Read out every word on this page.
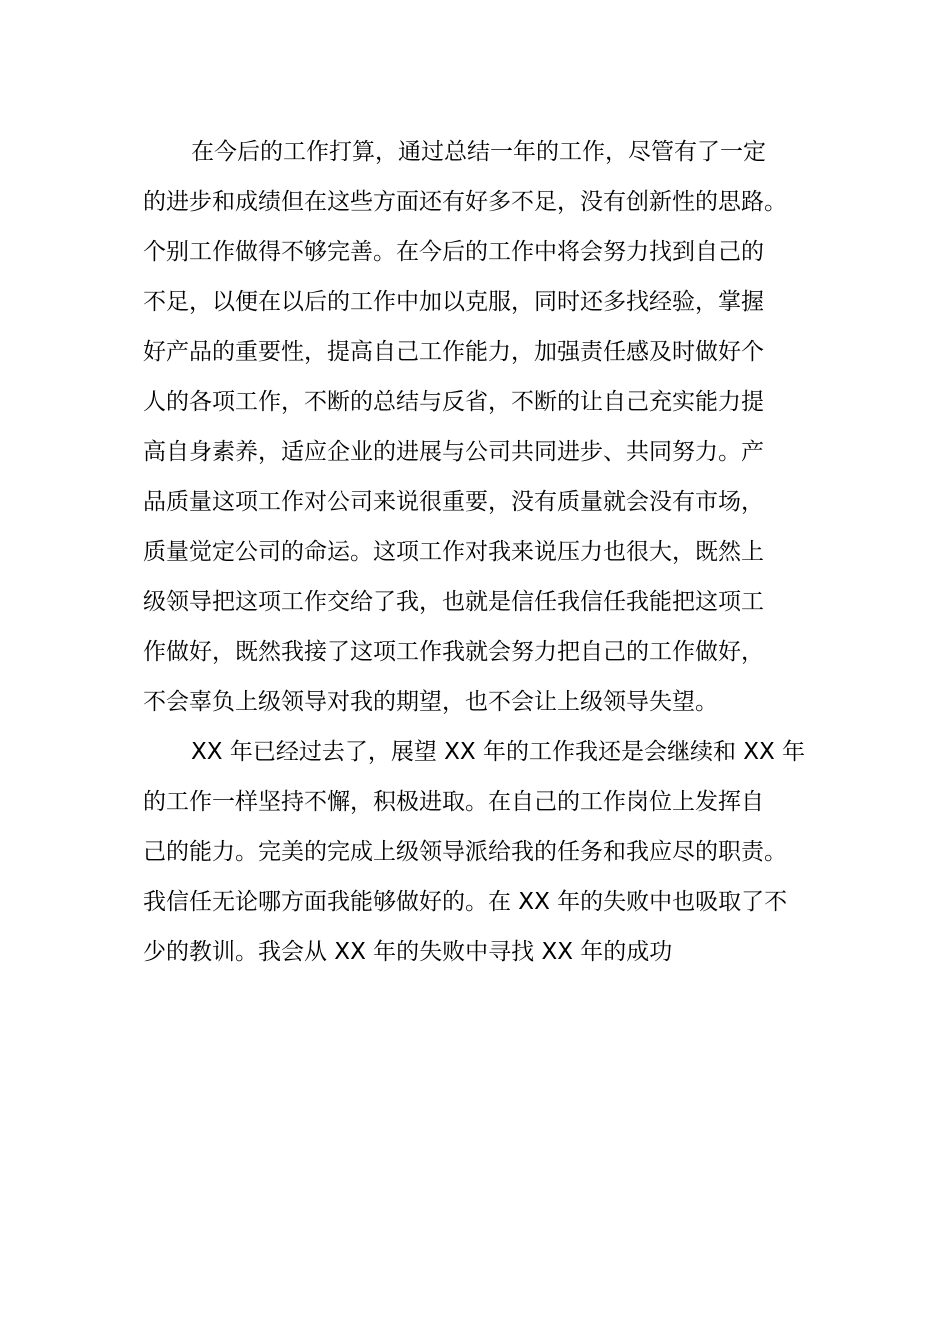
在今后的工作打算，通过总结一年的工作，尽管有了一定
的进步和成绩但在这些方面还有好多不足，没有创新性的思路。
个别工作做得不够完善。在今后的工作中将会努力找到自己的
不足，以便在以后的工作中加以克服，同时还多找经验，掌握
好产品的重要性，提高自己工作能力，加强责任感及时做好个
人的各项工作，不断的总结与反省，不断的让自己充实能力提
高自身素养，适应企业的进展与公司共同进步、共同努力。产
品质量这项工作对公司来说很重要，没有质量就会没有市场，
质量觉定公司的命运。这项工作对我来说压力也很大，既然上
级领导把这项工作交给了我，也就是信任我信任我能把这项工
作做好，既然我接了这项工作我就会努力把自己的工作做好，
不会辜负上级领导对我的期望，也不会让上级领导失望。
XX 年已经过去了，展望 XX 年的工作我还是会继续和 XX 年
的工作一样坚持不懈，积极进取。在自己的工作岗位上发挥自
己的能力。完美的完成上级领导派给我的任务和我应尽的职责。
我信任无论哪方面我能够做好的。在 XX 年的失败中也吸取了不
少的教训。我会从 XX 年的失败中寻找 XX 年的成功
